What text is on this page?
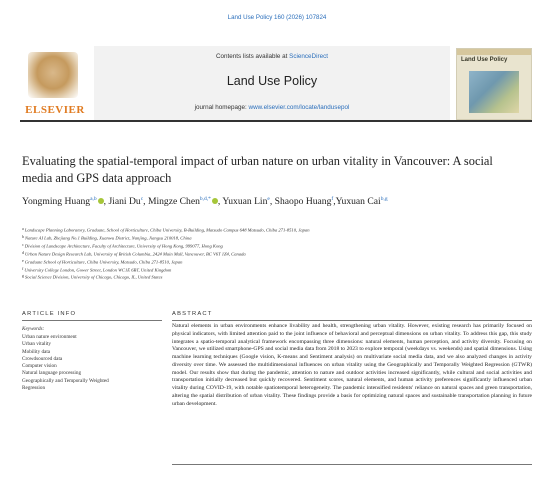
Land Use Policy 160 (2026) 107824
ELSEVIER
Contents lists available at ScienceDirect
Land Use Policy
journal homepage: www.elsevier.com/locate/landusepol
Land Use Policy
Evaluating the spatial-temporal impact of urban nature on urban vitality in Vancouver: A social media and GPS data approach
Yongming Huang$^{a,b}$ , Jiani Du$^c$, Mingze Chen$^{b,d,*}$ , Yuxuan Lin$^e$, Shaopo Huang$^f$,Yuxuan Cai$^{b,g}$
aLandscape Planning Laboratory, Graduate, School of Horticulture, Chiba University, B-Building, Matsudo Campus 648 Matsudo, Chiba 271-8510, Japan
bNature AI Lab, Zhejiang No.1 Building, Xuanwu District, Nanjing, Jiangsu 210018, China
cDivision of Landscape Architecture, Faculty of Architecture, University of Hong Kong, 999077, Hong Kong
dUrban Nature Design Research Lab, University of British Columbia, 2424 Main Mall, Vancouver, BC V6T 1Z4, Canada
eGraduate School of Horticulture, Chiba University, Matsudo, Chiba 271-8510, Japan
fUniversity College London, Gower Street, London WC1E 6BT, United Kingdom
gSocial Science Division, University of Chicago, Chicago, IL, United States
ARTICLE INFO
Keywords:
Urban nature environment
Urban vitality
Mobility data
Crowdsourced data
Computer vision
Natural language processing
Geographically and Temporally Weighted
Regression
ABSTRACT
Natural elements in urban environments enhance livability and health, strengthening urban vitality. However, existing research has primarily focused on physical indicators, with limited attention paid to the joint influence of behavioral and perceptual dimensions on urban vitality. To address this gap, this study integrates a spatio-temporal analytical framework encompassing three dimensions: natural elements, human perception, and activity diversity. Focusing on Vancouver, we utilized smartphone-GPS and social media data from 2018 to 2023 to explore temporal (weekdays vs. weekends) and spatial dimensions. Using machine learning techniques (Google vision, K-means and Sentiment analysis) on multivariate social media data, and we also analyzed changes in activity diversity over time. We assessed the multidimensional influences on urban vitality using the Geographically and Temporally Weighted Regression (GTWR) model. Our results show that during the pandemic, attention to nature and outdoor activities increased significantly, while cultural and social activities and transportation initially decreased but quickly recovered. Sentiment scores, natural elements, and human activity preferences significantly influenced urban vitality during COVID-19, with notable spatiotemporal heterogeneity. The pandemic intensified residents' reliance on natural spaces and green transportation, altering the spatial distribution of urban vitality. These findings provide a basis for optimizing natural spaces and sustainable transportation planning in future urban development.
